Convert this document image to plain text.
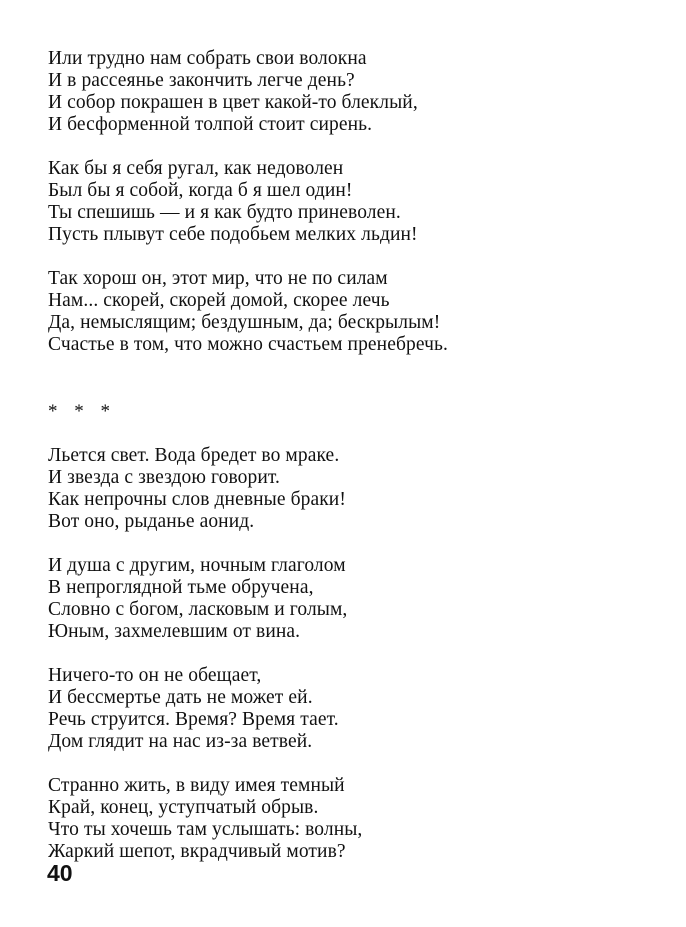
Или трудно нам собрать свои волокна
И в рассеянье закончить легче день?
И собор покрашен в цвет какой-то блеклый,
И бесформенной толпой стоит сирень.
Как бы я себя ругал, как недоволен
Был бы я собой, когда б я шел один!
Ты спешишь — и я как будто приневолен.
Пусть плывут себе подобьем мелких льдин!
Так хорош он, этот мир, что не по силам
Нам... скорей, скорей домой, скорее лечь
Да, немыслящим; бездушным, да; бескрылым!
Счастье в том, что можно счастьем пренебречь.
* * *
Льется свет. Вода бредет во мраке.
И звезда с звездою говорит.
Как непрочны слов дневные браки!
Вот оно, рыданье аонид.
И душа с другим, ночным глаголом
В непроглядной тьме обручена,
Словно с богом, ласковым и голым,
Юным, захмелевшим от вина.
Ничего-то он не обещает,
И бессмертье дать не может ей.
Речь струится. Время? Время тает.
Дом глядит на нас из-за ветвей.
Странно жить, в виду имея темный
Край, конец, уступчатый обрыв.
Что ты хочешь там услышать: волны,
Жаркий шепот, вкрадчивый мотив?
40
